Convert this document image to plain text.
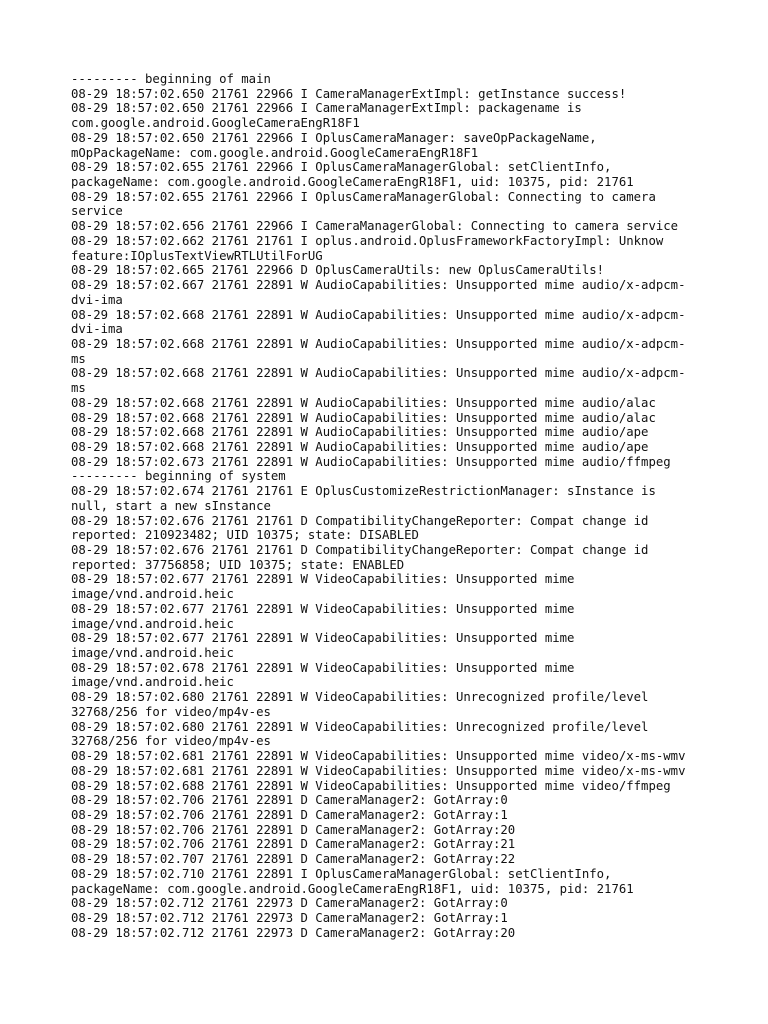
--------- beginning of main
08-29 18:57:02.650 21761 22966 I CameraManagerExtImpl: getInstance success!
08-29 18:57:02.650 21761 22966 I CameraManagerExtImpl: packagename is
com.google.android.GoogleCameraEngR18F1
08-29 18:57:02.650 21761 22966 I OplusCameraManager: saveOpPackageName,
mOpPackageName: com.google.android.GoogleCameraEngR18F1
08-29 18:57:02.655 21761 22966 I OplusCameraManagerGlobal: setClientInfo,
packageName: com.google.android.GoogleCameraEngR18F1, uid: 10375, pid: 21761
08-29 18:57:02.655 21761 22966 I OplusCameraManagerGlobal: Connecting to camera
service
08-29 18:57:02.656 21761 22966 I CameraManagerGlobal: Connecting to camera service
08-29 18:57:02.662 21761 21761 I oplus.android.OplusFrameworkFactoryImpl: Unknow
feature:IOplusTextViewRTLUtilForUG
08-29 18:57:02.665 21761 22966 D OplusCameraUtils: new OplusCameraUtils!
08-29 18:57:02.667 21761 22891 W AudioCapabilities: Unsupported mime audio/x-adpcm-
dvi-ima
08-29 18:57:02.668 21761 22891 W AudioCapabilities: Unsupported mime audio/x-adpcm-
dvi-ima
08-29 18:57:02.668 21761 22891 W AudioCapabilities: Unsupported mime audio/x-adpcm-
ms
08-29 18:57:02.668 21761 22891 W AudioCapabilities: Unsupported mime audio/x-adpcm-
ms
08-29 18:57:02.668 21761 22891 W AudioCapabilities: Unsupported mime audio/alac
08-29 18:57:02.668 21761 22891 W AudioCapabilities: Unsupported mime audio/alac
08-29 18:57:02.668 21761 22891 W AudioCapabilities: Unsupported mime audio/ape
08-29 18:57:02.668 21761 22891 W AudioCapabilities: Unsupported mime audio/ape
08-29 18:57:02.673 21761 22891 W AudioCapabilities: Unsupported mime audio/ffmpeg
--------- beginning of system
08-29 18:57:02.674 21761 21761 E OplusCustomizeRestrictionManager: sInstance is
null, start a new sInstance
08-29 18:57:02.676 21761 21761 D CompatibilityChangeReporter: Compat change id
reported: 210923482; UID 10375; state: DISABLED
08-29 18:57:02.676 21761 21761 D CompatibilityChangeReporter: Compat change id
reported: 37756858; UID 10375; state: ENABLED
08-29 18:57:02.677 21761 22891 W VideoCapabilities: Unsupported mime
image/vnd.android.heic
08-29 18:57:02.677 21761 22891 W VideoCapabilities: Unsupported mime
image/vnd.android.heic
08-29 18:57:02.677 21761 22891 W VideoCapabilities: Unsupported mime
image/vnd.android.heic
08-29 18:57:02.678 21761 22891 W VideoCapabilities: Unsupported mime
image/vnd.android.heic
08-29 18:57:02.680 21761 22891 W VideoCapabilities: Unrecognized profile/level
32768/256 for video/mp4v-es
08-29 18:57:02.680 21761 22891 W VideoCapabilities: Unrecognized profile/level
32768/256 for video/mp4v-es
08-29 18:57:02.681 21761 22891 W VideoCapabilities: Unsupported mime video/x-ms-wmv
08-29 18:57:02.681 21761 22891 W VideoCapabilities: Unsupported mime video/x-ms-wmv
08-29 18:57:02.688 21761 22891 W VideoCapabilities: Unsupported mime video/ffmpeg
08-29 18:57:02.706 21761 22891 D CameraManager2: GotArray:0
08-29 18:57:02.706 21761 22891 D CameraManager2: GotArray:1
08-29 18:57:02.706 21761 22891 D CameraManager2: GotArray:20
08-29 18:57:02.706 21761 22891 D CameraManager2: GotArray:21
08-29 18:57:02.707 21761 22891 D CameraManager2: GotArray:22
08-29 18:57:02.710 21761 22891 I OplusCameraManagerGlobal: setClientInfo,
packageName: com.google.android.GoogleCameraEngR18F1, uid: 10375, pid: 21761
08-29 18:57:02.712 21761 22973 D CameraManager2: GotArray:0
08-29 18:57:02.712 21761 22973 D CameraManager2: GotArray:1
08-29 18:57:02.712 21761 22973 D CameraManager2: GotArray:20
